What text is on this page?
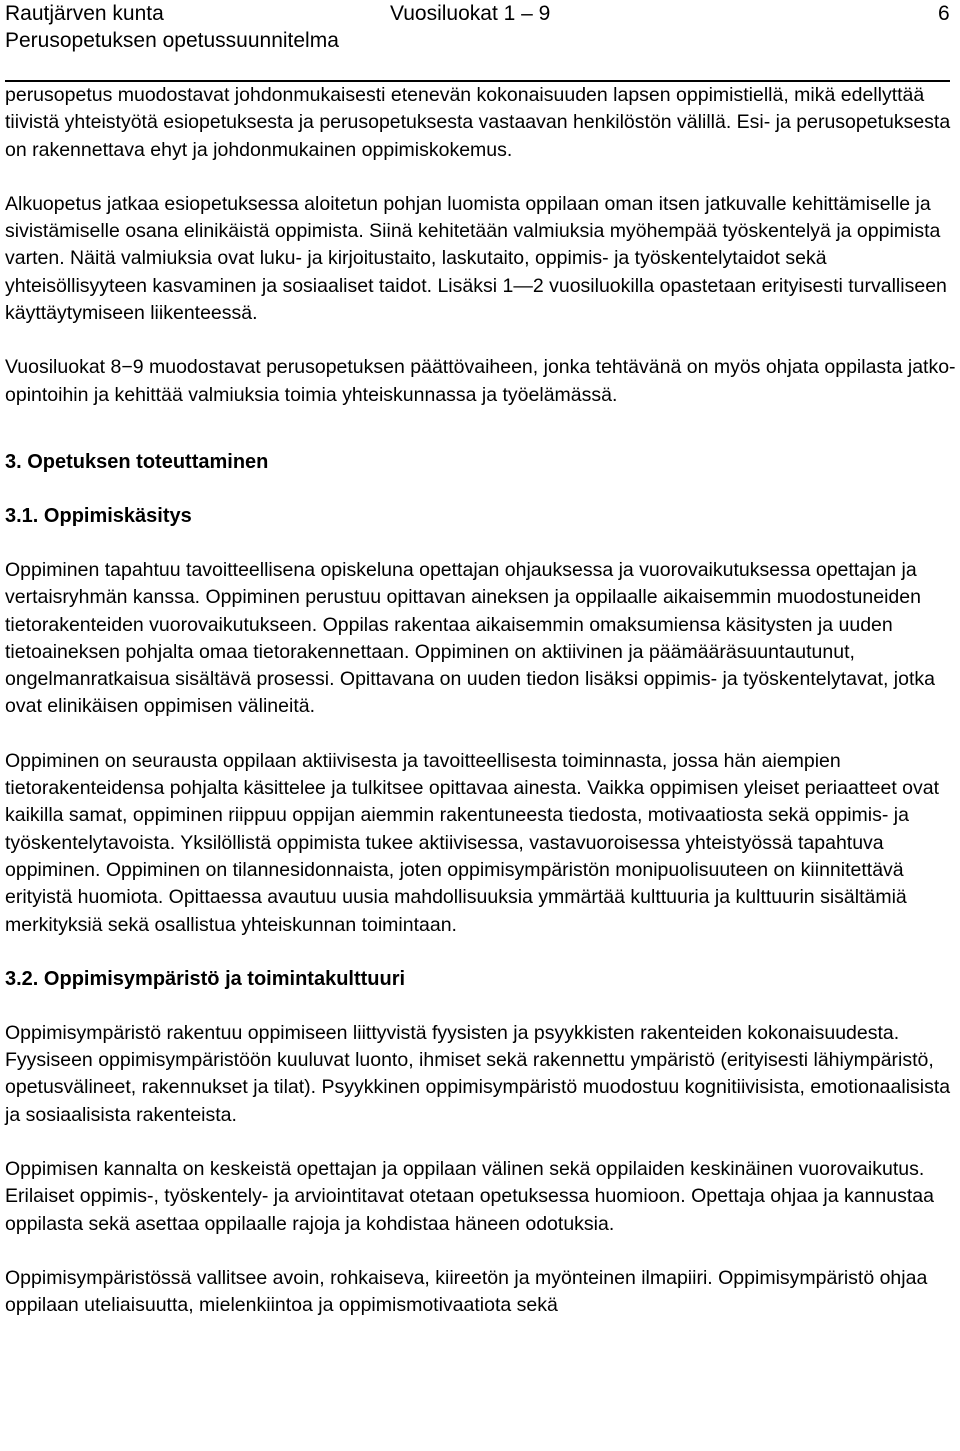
Rautjärven kunta	Vuosiluokat 1 – 9	6
Perusopetuksen opetussuunnitelma

perusopetus muodostavat johdonmukaisesti etenevän kokonaisuuden lapsen oppimistiellä, mikä edellyttää tiivistä yhteistyötä esiopetuksesta ja perusopetuksesta vastaavan henkilöstön välillä. Esi- ja perusopetuksesta on rakennettava ehyt ja johdonmukainen oppimiskokemus.

Alkuopetus jatkaa esiopetuksessa aloitetun pohjan luomista oppilaan oman itsen jatkuvalle kehittämiselle ja sivistämiselle osana elinikäistä oppimista. Siinä kehitetään valmiuksia myöhempää työskentelyä ja oppimista varten. Näitä valmiuksia ovat luku- ja kirjoitustaito, laskutaito, oppimis- ja työskentelytaidot sekä yhteisöllisyyteen kasvaminen ja sosiaaliset taidot. Lisäksi 1—2 vuosiluokilla opastetaan erityisesti turvalliseen käyttäytymiseen liikenteessä.

Vuosiluokat 8−9 muodostavat perusopetuksen päättövaiheen, jonka tehtävänä on myös ohjata oppilasta jatko-opintoihin ja kehittää valmiuksia toimia yhteiskunnassa ja työelämässä.

3. Opetuksen toteuttaminen
3.1. Oppimiskäsitys

Oppiminen tapahtuu tavoitteellisena opiskeluna opettajan ohjauksessa ja vuorovaikutuksessa opettajan ja vertaisryhmän kanssa. Oppiminen perustuu opittavan aineksen ja oppilaalle aikaisemmin muodostuneiden tietorakenteiden vuorovaikutukseen. Oppilas rakentaa aikaisemmin omaksumiensa käsitysten ja uuden tietoaineksen pohjalta omaa tietorakennettaan. Oppiminen on aktiivinen ja päämääräsuuntautunut, ongelmanratkaisua sisältävä prosessi. Opittavana on uuden tiedon lisäksi oppimis- ja työskentelytavat, jotka ovat elinikäisen oppimisen välineitä.

Oppiminen on seurausta oppilaan aktiivisesta ja tavoitteellisesta toiminnasta, jossa hän aiempien tietorakenteidensa pohjalta käsittelee ja tulkitsee opittavaa ainesta. Vaikka oppimisen yleiset periaatteet ovat kaikilla samat, oppiminen riippuu oppijan aiemmin rakentuneesta tiedosta, motivaatiosta sekä oppimis- ja työskentelytavoista. Yksilöllistä oppimista tukee aktiivisessa, vastavuoroisessa yhteistyössä tapahtuva oppiminen. Oppiminen on tilannesidonnaista, joten oppimisympäristön monipuolisuuteen on kiinnitettävä erityistä huomiota. Opittaessa avautuu uusia mahdollisuuksia ymmärtää kulttuuria ja kulttuurin sisältämiä merkityksiä sekä osallistua yhteiskunnan toimintaan.

3.2. Oppimisympäristö ja toimintakulttuuri

Oppimisympäristö rakentuu oppimiseen liittyvistä fyysisten ja psyykkisten rakenteiden kokonaisuudesta. Fyysiseen oppimisympäristöön kuuluvat luonto, ihmiset sekä rakennettu ympäristö (erityisesti lähiympäristö, opetusvälineet, rakennukset ja tilat). Psyykkinen oppimisympäristö muodostuu kognitiivisista, emotionaalisista ja sosiaalisista rakenteista.

Oppimisen kannalta on keskeistä opettajan ja oppilaan välinen sekä oppilaiden keskinäinen vuorovaikutus. Erilaiset oppimis-, työskentely- ja arviointitavat otetaan opetuksessa huomioon. Opettaja ohjaa ja kannustaa oppilasta sekä asettaa oppilaalle rajoja ja kohdistaa häneen odotuksia.

Oppimisympäristössä vallitsee avoin, rohkaiseva, kiireetön ja myönteinen ilmapiiri. Oppimisympäristö ohjaa oppilaan uteliaisuutta, mielenkiintoa ja oppimismotivaatiota sekä
